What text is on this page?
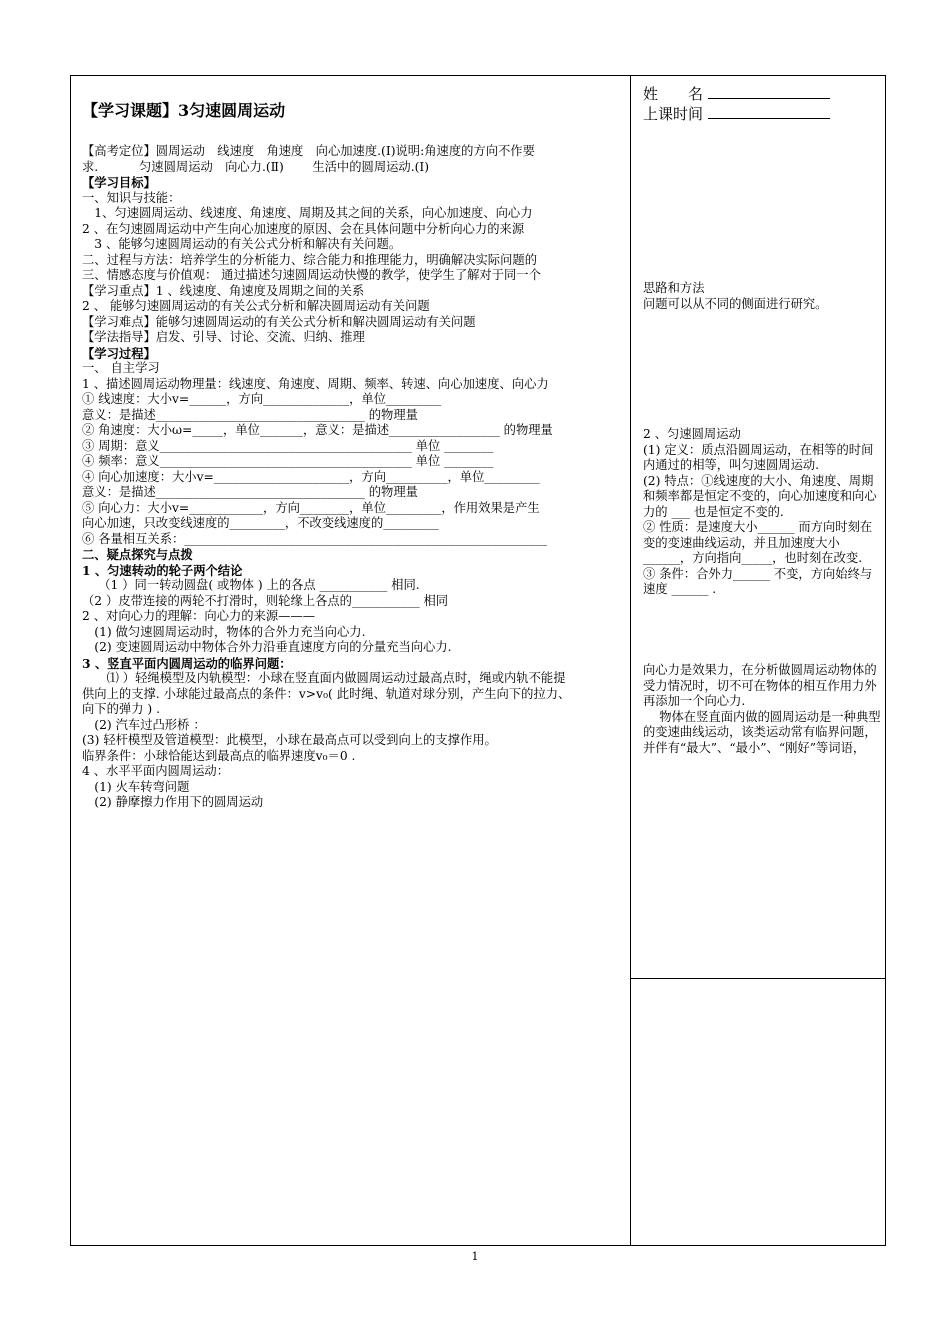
姓　　名
上课时间
【学习课题】3匀速圆周运动

【高考定位】圆周运动　线速度　角速度　向心加速度.(Ⅰ)说明:角速度的方向不作要

求.　　　 匀速圆周运动　向心力.(Ⅱ)　　 生活中的圆周运动.(Ⅰ)

【学习目标】

一、知识与技能：

　1、匀速圆周运动、线速度、角速度、周期及其之间的关系，向心加速度、向心力

2 、在匀速圆周运动中产生向心加速度的原因、会在具体问题中分析向心力的来源

　3 、能够匀速圆周运动的有关公式分析和解决有关问题。

二、过程与方法：培养学生的分析能力、综合能力和推理能力，明确解决实际问题的

三、情感态度与价值观： 通过描述匀速圆周运动快慢的教学，使学生了解对于同一个

【学习重点】1 、线速度、角速度及周期之间的关系

2 、 能够匀速圆周运动的有关公式分析和解决圆周运动有关问题

【学习难点】能够匀速圆周运动的有关公式分析和解决圆周运动有关问题

【学法指导】启发、引导、讨论、交流、归纳、推理

【学习过程】

一、 自主学习

1 、描述圆周运动物理量：线速度、角速度、周期、频率、转速、向心加速度、向心力

① 线速度：大小v=______，方向______________，单位_________

意义：是描述__________________________________ 的物理量

② 角速度：大小ω=_____，单位_______，意义：是描述__________________ 的物理量

③ 周期：意义_________________________________________ 单位 ________

④ 频率：意义_________________________________________ 单位 ________

④ 向心加速度：大小v=______________________，方向__________，单位_________

意义：是描述__________________________________ 的物理量

⑤ 向心力：大小v=____________，方向________，单位_________，作用效果是产生

向心加速，只改变线速度的_________，不改变线速度的_________

⑥ 各量相互关系：___________________________________________________________

二、疑点探究与点拨

1 、匀速转动的轮子两个结论

　 （1 ）同一转动圆盘( 或物体 ) 上的各点 ___________ 相同.

（2 ）皮带连接的两轮不打滑时，则轮缘上各点的___________ 相同

2 、对向心力的理解：向心力的来源———

　(1) 做匀速圆周运动时，物体的合外力充当向心力.

　(2) 变速圆周运动中物体合外力沿垂直速度方向的分量充当向心力.

3 、竖直平面内圆周运动的临界问题：

　　⑴ ）轻绳模型及内轨模型：小球在竖直面内做圆周运动过最高点时，绳或内轨不能提

供向上的支撑. 小球能过最高点的条件：v>v₀( 此时绳、轨道对球分别，产生向下的拉力、

向下的弹力 ) .

　(2) 汽车过凸形桥 ：

(3) 轻杆模型及管道模型：此模型，小球在最高点可以受到向上的支撑作用。

临界条件：小球恰能达到最高点的临界速度v₀＝0 .

4 、水平平面内圆周运动：

　(1) 火车转弯问题

　(2) 静摩擦力作用下的圆周运动

思路和方法

问题可以从不同的侧面进行研究。

2 、匀速圆周运动

(1) 定义：质点沿圆周运动，在相等的时间内通过的相等，叫匀速圆周运动.

(2) 特点：①线速度的大小、角速度、周期和频率都是恒定不变的，向心加速度和向心力的 ___ 也是恒定不变的.

② 性质：是速度大小______ 而方向时刻在变的变速曲线运动，并且加速度大小 ______，方向指向_____，也时刻在改变.

③ 条件：合外力______ 不变，方向始终与速度 ______ .

向心力是效果力，在分析做圆周运动物体的受力情况时，切不可在物体的相互作用力外再添加一个向心力.

　 物体在竖直面内做的圆周运动是一种典型的变速曲线运动，该类运动常有临界问题，并伴有“最大”、“最小”、“刚好”等词语，

1
